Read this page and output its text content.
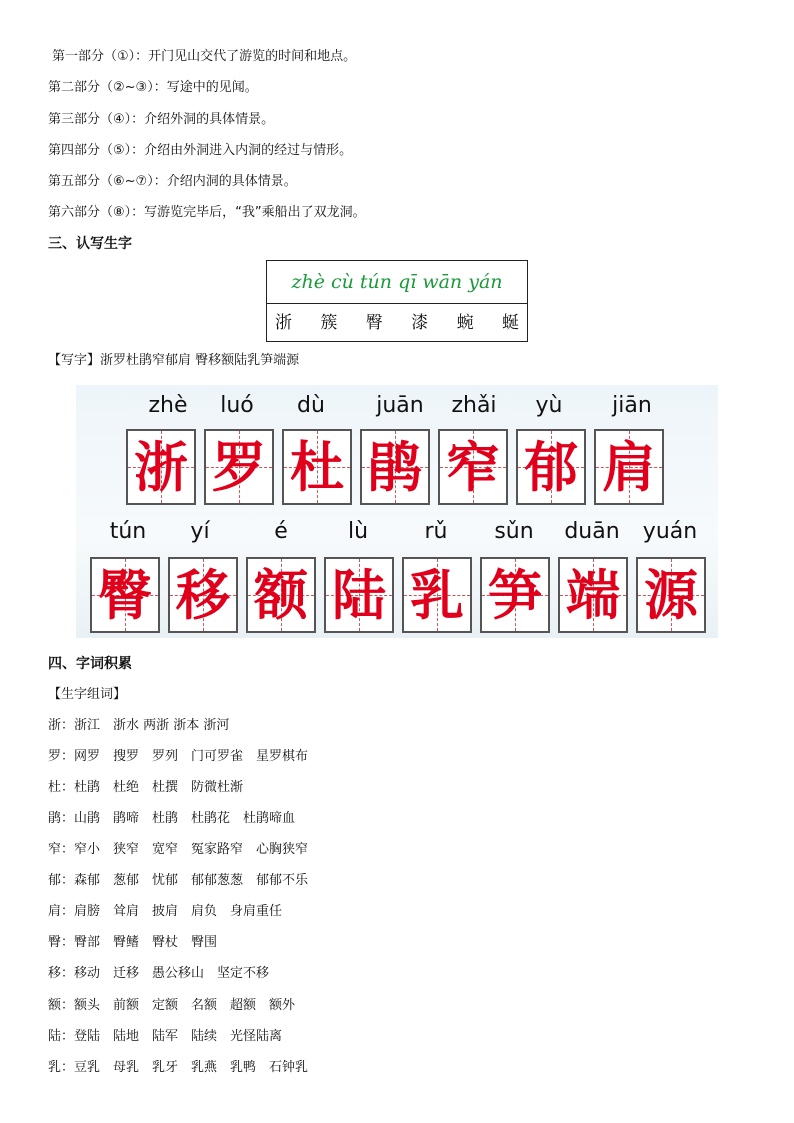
第一部分（①）：开门见山交代了游览的时间和地点。
第二部分（②~③）：写途中的见闻。
第三部分（④）：介绍外洞的具体情景。
第四部分（⑤）：介绍由外洞进入内洞的经过与情形。
第五部分（⑥~⑦）：介绍内洞的具体情景。
第六部分（⑧）：写游览完毕后，“我”乘船出了双龙洞。
三、认写生字
zhè cù tún qī wān yán
浙 簇 臀 漆 蜿 蜒
【写字】浙罗杜鹃窄郁肩 臀移额陆乳笋端源
zhè
浙
luó
罗
dù
杜
juān
鹃
zhǎi
窄
yù
郁
jiān
肩
tún
臀
yí
移
é
额
lù
陆
rǔ
乳
sǔn
笋
duān
端
yuán
源
四、字词积累
【生字组词】
浙：浙江　浙水 两浙 浙本 浙河
罗：网罗　搜罗　罗列　门可罗雀　星罗棋布
杜：杜鹃　杜绝　杜撰　防微杜渐
鹃：山鹃　鹃啼　杜鹃　杜鹃花　杜鹃啼血
窄：窄小　狭窄　宽窄　冤家路窄　心胸狭窄
郁：森郁　葱郁　忧郁　郁郁葱葱　郁郁不乐
肩：肩膀　耸肩　披肩　肩负　身肩重任
臀：臀部　臀鳍　臀杖　臀围
移：移动　迁移　愚公移山　坚定不移
额：额头　前额　定额　名额　超额　额外
陆：登陆　陆地　陆军　陆续　光怪陆离
乳：豆乳　母乳　乳牙　乳燕　乳鸭　石钟乳
